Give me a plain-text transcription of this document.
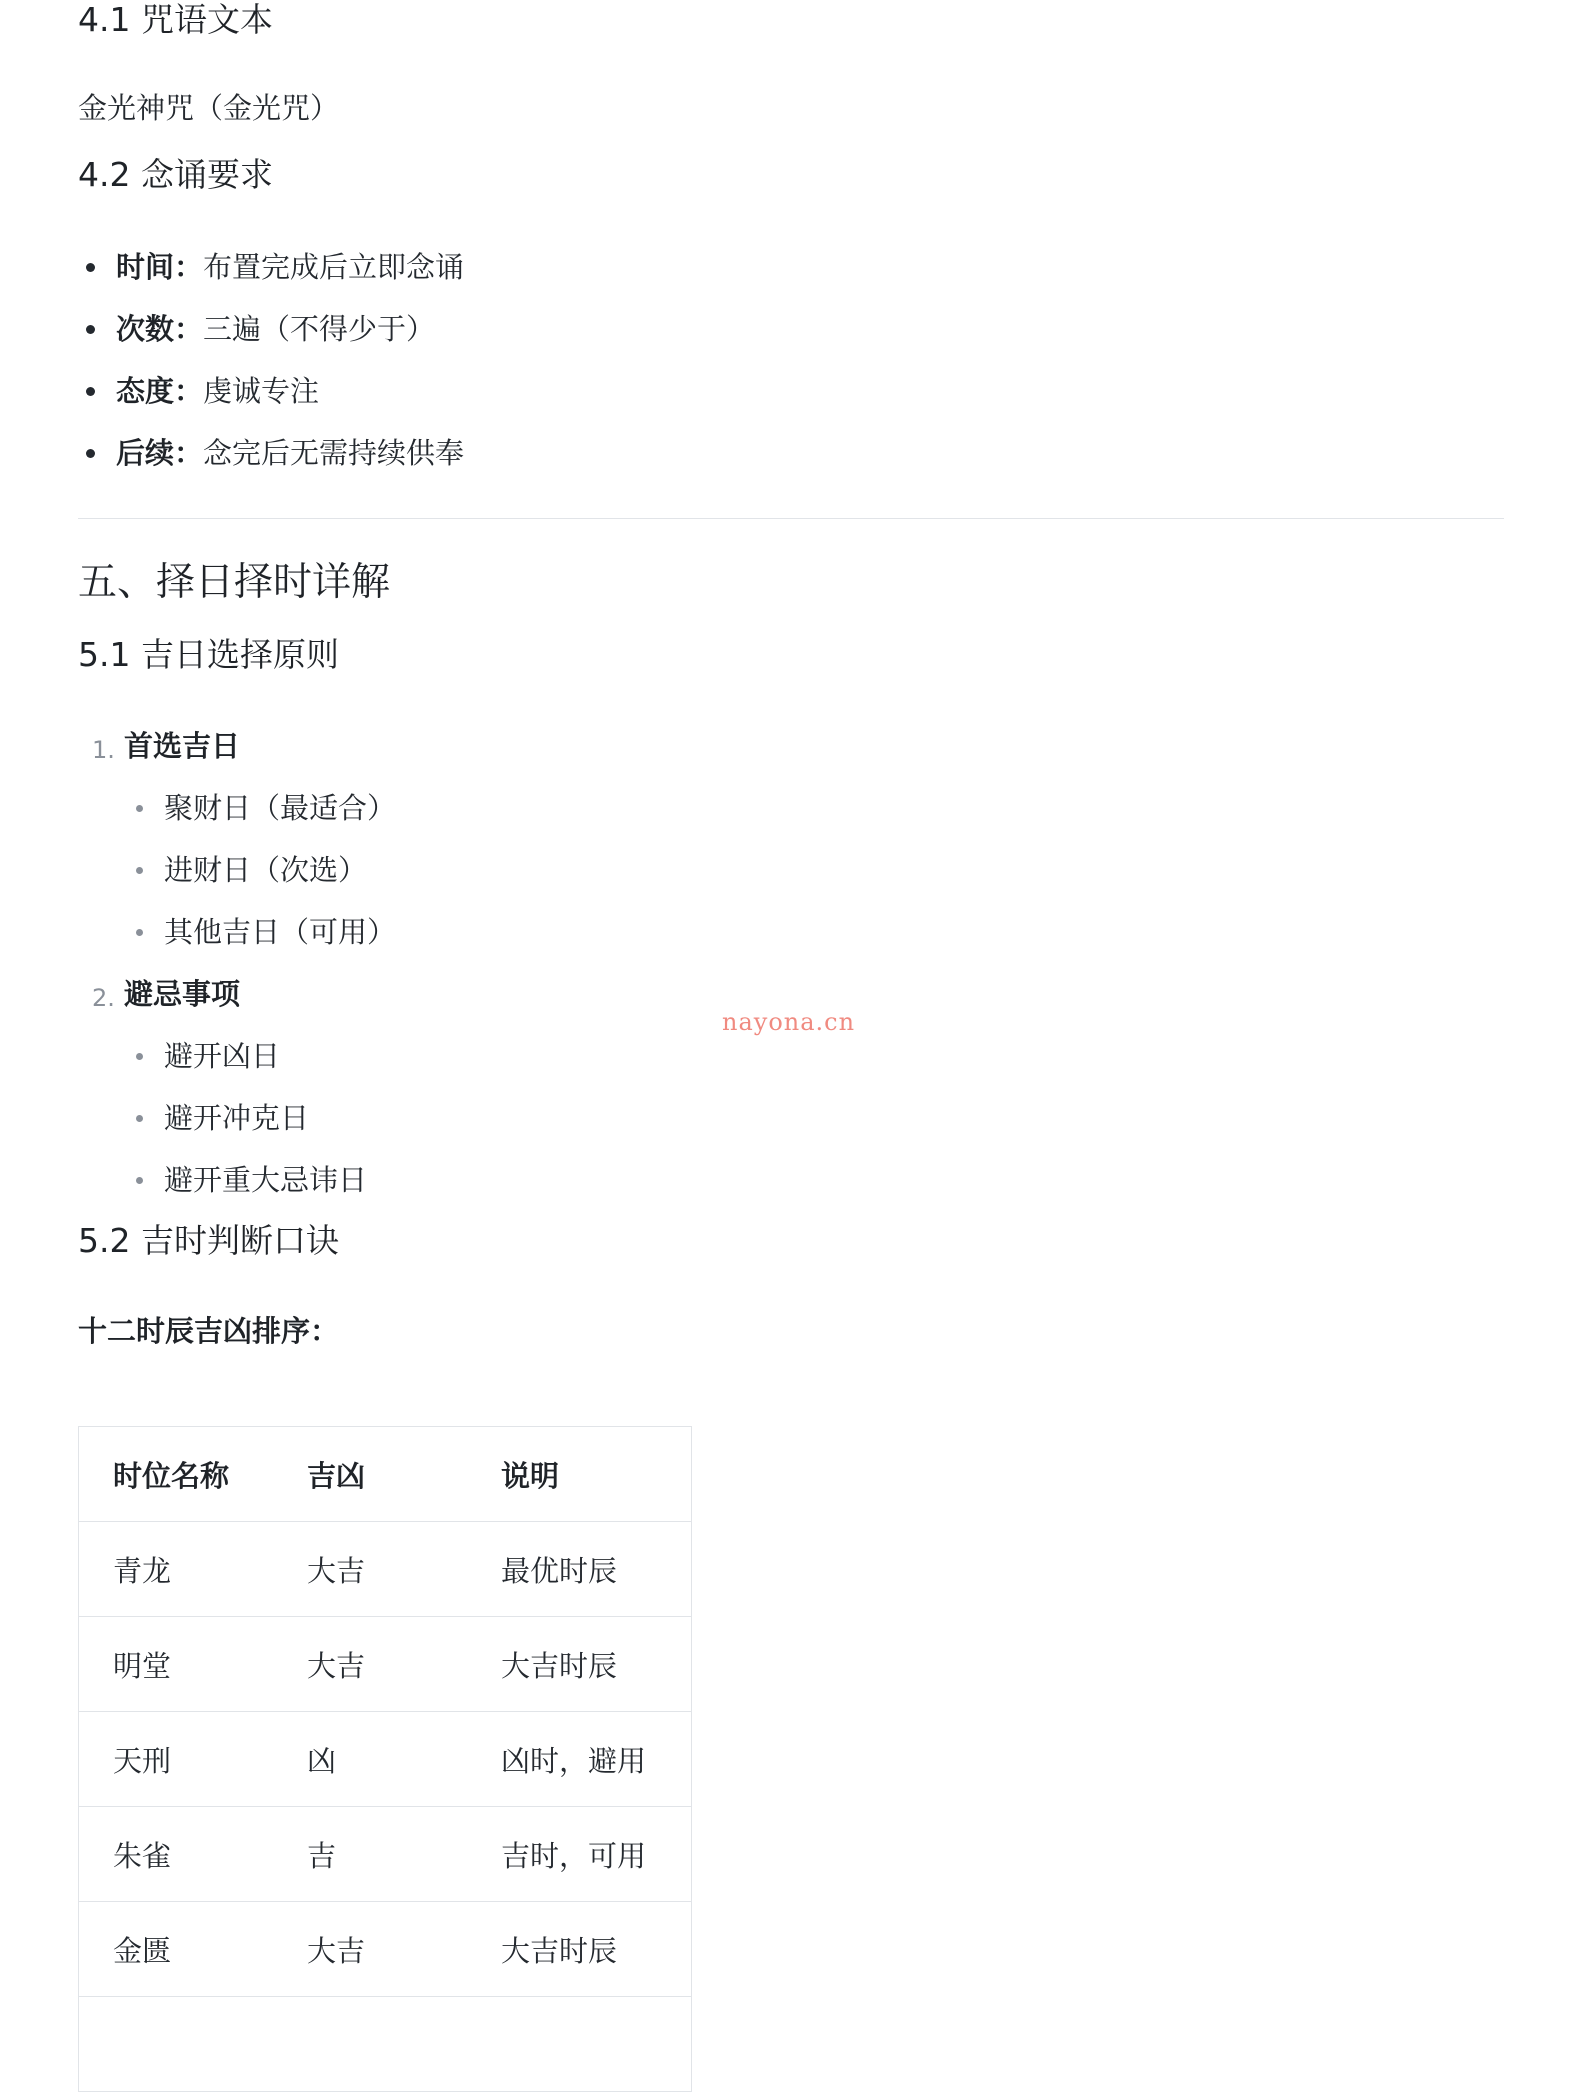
4.1 咒语文本

金光神咒（金光咒）

4.2 念诵要求
时间：布置完成后立即念诵
次数：三遍（不得少于）
态度：虔诚专注
后续：念完后无需持续供奉
五、择日择时详解
5.1 吉日选择原则
1. 首选吉日
聚财日（最适合）
进财日（次选）
其他吉日（可用）
2. 避忌事项
避开凶日
避开冲克日
避开重大忌讳日
5.2 吉时判断口诀

十二时辰吉凶排序：

时位名称	吉凶	说明
青龙	大吉	最优时辰
明堂	大吉	大吉时辰
天刑	凶	凶时，避用
朱雀	吉	吉时，可用
金匮	大吉	大吉时辰

nayona.cn
